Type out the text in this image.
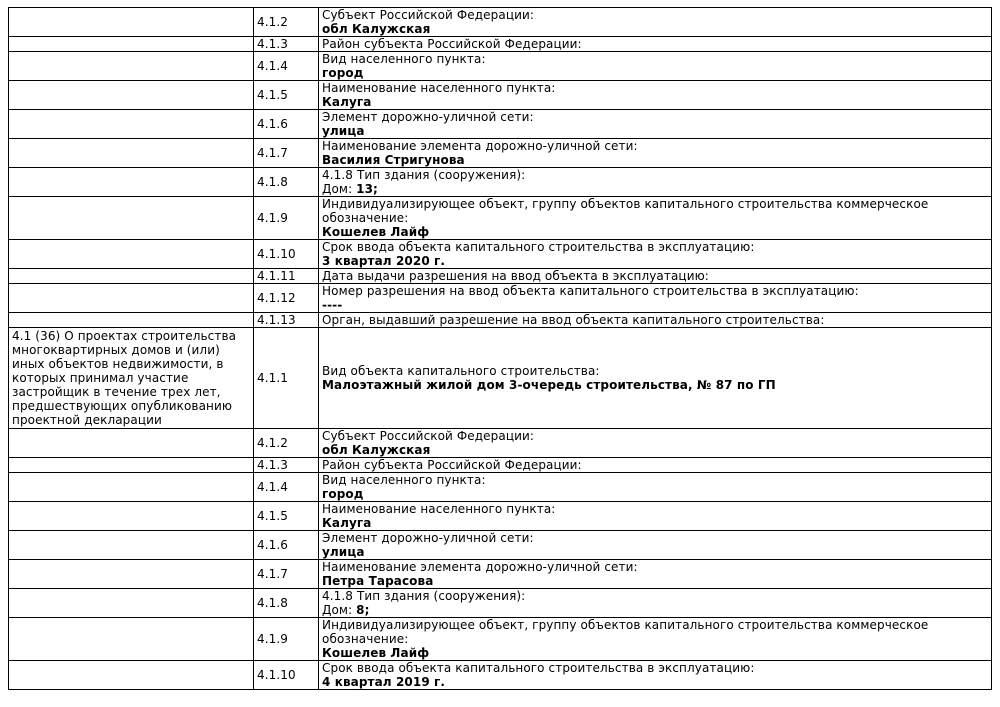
	4.1.2	Субъект Российской Федерации:
обл Калужская

	4.1.3	Район субъекта Российской Федерации:

	4.1.4	Вид населенного пункта:
город

	4.1.5	Наименование населенного пункта:
Калуга

	4.1.6	Элемент дорожно-уличной сети:
улица

	4.1.7	Наименование элемента дорожно-уличной сети:
Василия Стригунова

	4.1.8	4.1.8 Тип здания (сооружения):
Дом: 13;

	4.1.9	Индивидуализирующее объект, группу объектов капитального строительства коммерческое обозначение:
Кошелев Лайф

	4.1.10	Срок ввода объекта капитального строительства в эксплуатацию:
3 квартал 2020 г.

	4.1.11	Дата выдачи разрешения на ввод объекта в эксплуатацию:

	4.1.12	Номер разрешения на ввод объекта капитального строительства в эксплуатацию:
----

	4.1.13	Орган, выдавший разрешение на ввод объекта капитального строительства:

4.1 (36) О проектах строительства многоквартирных домов и (или) иных объектов недвижимости, в которых принимал участие застройщик в течение трех лет, предшествующих опубликованию проектной декларации	4.1.1	Вид объекта капитального строительства:
Малоэтажный жилой дом 3-очередь строительства, № 87 по ГП

	4.1.2	Субъект Российской Федерации:
обл Калужская

	4.1.3	Район субъекта Российской Федерации:

	4.1.4	Вид населенного пункта:
город

	4.1.5	Наименование населенного пункта:
Калуга

	4.1.6	Элемент дорожно-уличной сети:
улица

	4.1.7	Наименование элемента дорожно-уличной сети:
Петра Тарасова

	4.1.8	4.1.8 Тип здания (сооружения):
Дом: 8;

	4.1.9	Индивидуализирующее объект, группу объектов капитального строительства коммерческое обозначение:
Кошелев Лайф

	4.1.10	Срок ввода объекта капитального строительства в эксплуатацию:
4 квартал 2019 г.
